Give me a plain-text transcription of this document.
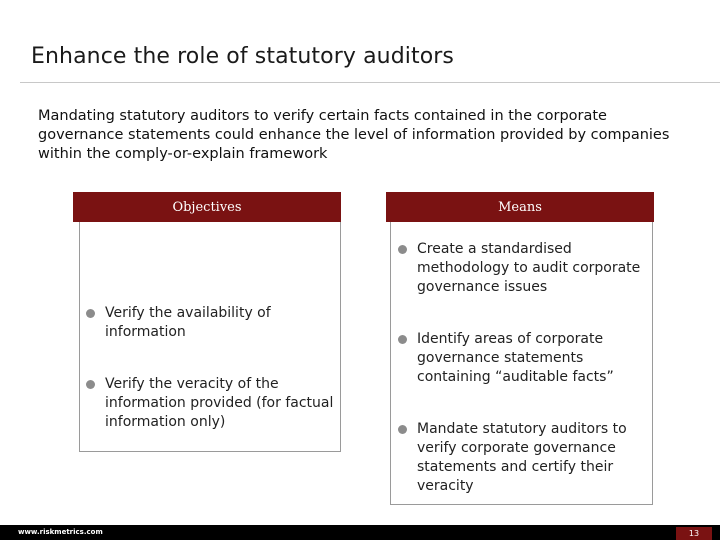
Enhance the role of statutory auditors
Mandating statutory auditors to verify certain facts contained in the corporate governance statements could enhance the level of information provided by companies within the comply-or-explain framework
Objectives	Means
Verify the availability of information
Verify the veracity of the information provided (for factual information only)
Create a standardised methodology to audit corporate governance issues
Identify areas of corporate governance statements containing “auditable facts”
Mandate statutory auditors to verify corporate governance statements and certify their veracity
www.riskmetrics.com	13
